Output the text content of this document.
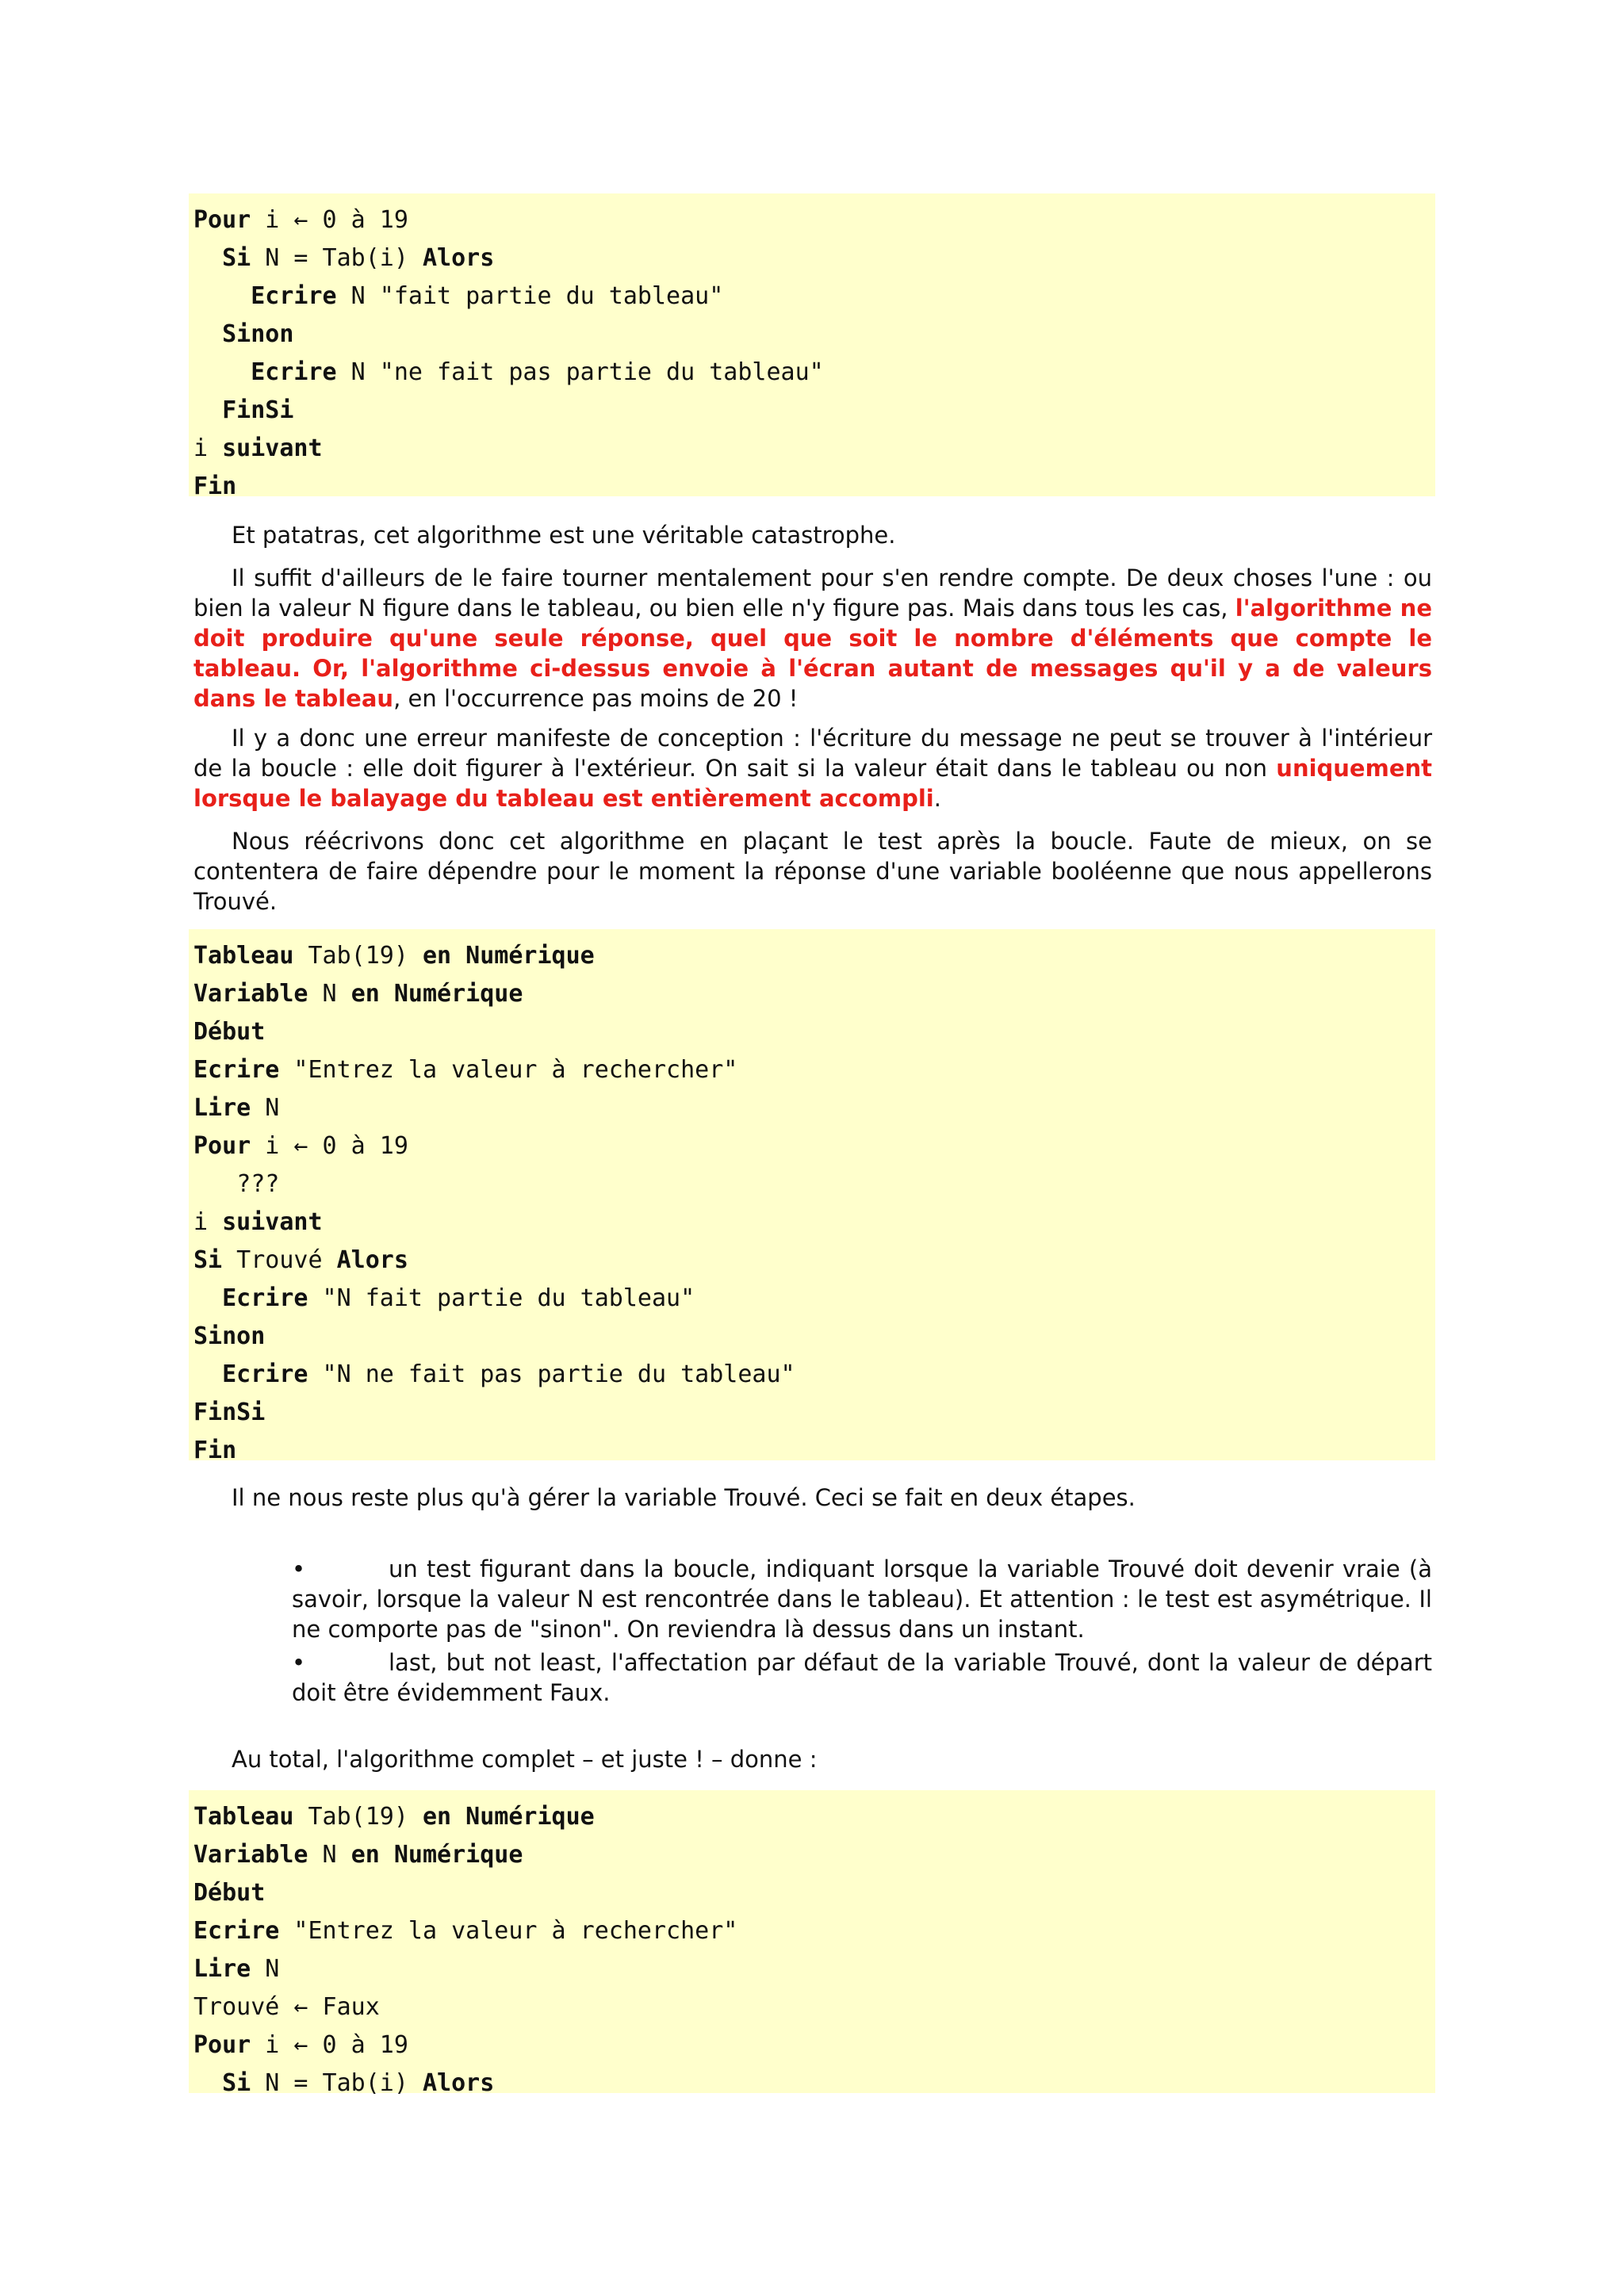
Pour i ← 0 à 19
Si N = Tab(i) Alors
Ecrire N "fait partie du tableau"
Sinon
Ecrire N "ne fait pas partie du tableau"
FinSi
i suivant
Fin
Et patatras, cet algorithme est une véritable catastrophe.
Il suffit d'ailleurs de le faire tourner mentalement pour s'en rendre compte. De deux choses l'une : ou bien la valeur N figure dans le tableau, ou bien elle n'y figure pas. Mais dans tous les cas, l'algorithme ne doit produire qu'une seule réponse, quel que soit le nombre d'éléments que compte le tableau. Or, l'algorithme ci-dessus envoie à l'écran autant de messages qu'il y a de valeurs dans le tableau, en l'occurrence pas moins de 20 !
Il y a donc une erreur manifeste de conception : l'écriture du message ne peut se trouver à l'intérieur de la boucle : elle doit figurer à l'extérieur. On sait si la valeur était dans le tableau ou non uniquement lorsque le balayage du tableau est entièrement accompli.
Nous réécrivons donc cet algorithme en plaçant le test après la boucle. Faute de mieux, on se contentera de faire dépendre pour le moment la réponse d'une variable booléenne que nous appellerons Trouvé.
Tableau Tab(19) en Numérique
Variable N en Numérique
Début
Ecrire "Entrez la valeur à rechercher"
Lire N
Pour i ← 0 à 19
???
i suivant
Si Trouvé Alors
Ecrire "N fait partie du tableau"
Sinon
Ecrire "N ne fait pas partie du tableau"
FinSi
Fin
Il ne nous reste plus qu'à gérer la variable Trouvé. Ceci se fait en deux étapes.
•	un test figurant dans la boucle, indiquant lorsque la variable Trouvé doit devenir vraie (à savoir, lorsque la valeur N est rencontrée dans le tableau). Et attention : le test est asymétrique. Il ne comporte pas de "sinon". On reviendra là dessus dans un instant.
•	last, but not least, l'affectation par défaut de la variable Trouvé, dont la valeur de départ doit être évidemment Faux.
Au total, l'algorithme complet – et juste ! – donne :
Tableau Tab(19) en Numérique
Variable N en Numérique
Début
Ecrire "Entrez la valeur à rechercher"
Lire N
Trouvé ← Faux
Pour i ← 0 à 19
Si N = Tab(i) Alors
